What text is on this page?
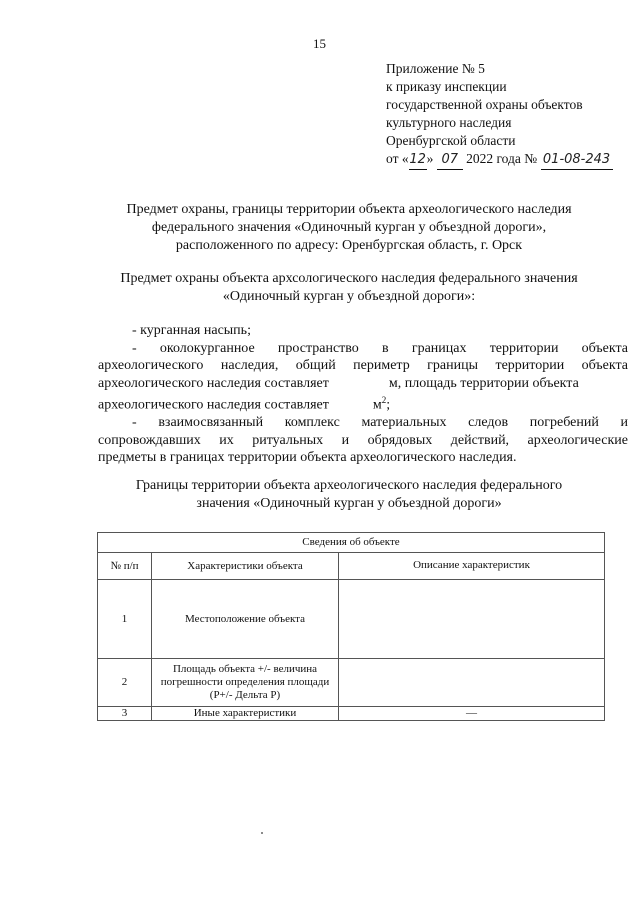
15
Приложение № 5
к приказу инспекции
государственной охраны объектов
культурного наследия
Оренбургской области
от «12» 07 2022 года № 01-08-243
Предмет охраны, границы территории объекта археологического наследия
федерального значения «Одиночный курган у объездной дороги»,
расположенного по адресу: Оренбургская область, г. Орск
Предмет охраны объекта архсологического наследия федерального значения
«Одиночный курган у объездной дороги»:
- курганная насыпь;
- околокурганное пространство в границах территории объекта
археологического наследия, общий периметр границы территории объекта
археологического наследия составляет	м, площадь территории объекта
археологического наследия составляет	$м^2$;
- взаимосвязанный комплекс материальных следов погребений и
сопровождавших их ритуальных и обрядовых действий, археологические
предметы в границах территории объекта археологического наследия.
Границы территории объекта археологического наследия федерального
значения «Одиночный курган у объездной дороги»
Сведения об объекте		
№ п/п	Характеристики объекта	Описание характеристик
1	Местоположение объекта	
2	Площадь объекта +/- величина погрешности определения площади (Р+/- Дельта Р)	
3	Иные характеристики	—
